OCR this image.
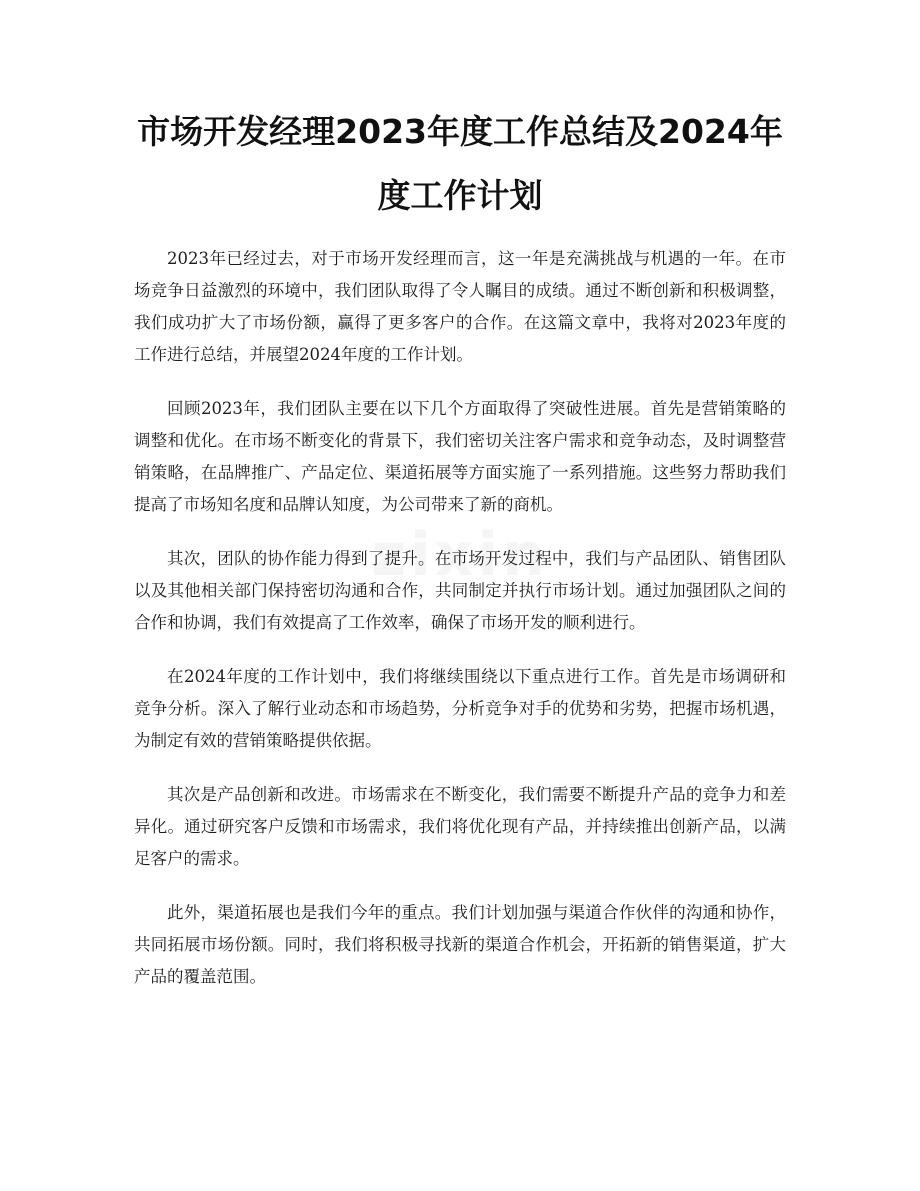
市场开发经理2023年度工作总结及2024年
度工作计划
zixin

2023年已经过去，对于市场开发经理而言，这一年是充满挑战与机遇的一年。在市场竞争日益激烈的环境中，我们团队取得了令人瞩目的成绩。通过不断创新和积极调整，我们成功扩大了市场份额，赢得了更多客户的合作。在这篇文章中，我将对2023年度的工作进行总结，并展望2024年度的工作计划。

回顾2023年，我们团队主要在以下几个方面取得了突破性进展。首先是营销策略的调整和优化。在市场不断变化的背景下，我们密切关注客户需求和竞争动态，及时调整营销策略，在品牌推广、产品定位、渠道拓展等方面实施了一系列措施。这些努力帮助我们提高了市场知名度和品牌认知度，为公司带来了新的商机。

其次，团队的协作能力得到了提升。在市场开发过程中，我们与产品团队、销售团队以及其他相关部门保持密切沟通和合作，共同制定并执行市场计划。通过加强团队之间的合作和协调，我们有效提高了工作效率，确保了市场开发的顺利进行。

在2024年度的工作计划中，我们将继续围绕以下重点进行工作。首先是市场调研和竞争分析。深入了解行业动态和市场趋势，分析竞争对手的优势和劣势，把握市场机遇，为制定有效的营销策略提供依据。

其次是产品创新和改进。市场需求在不断变化，我们需要不断提升产品的竞争力和差异化。通过研究客户反馈和市场需求，我们将优化现有产品，并持续推出创新产品，以满足客户的需求。

此外，渠道拓展也是我们今年的重点。我们计划加强与渠道合作伙伴的沟通和协作，共同拓展市场份额。同时，我们将积极寻找新的渠道合作机会，开拓新的销售渠道，扩大产品的覆盖范围。
